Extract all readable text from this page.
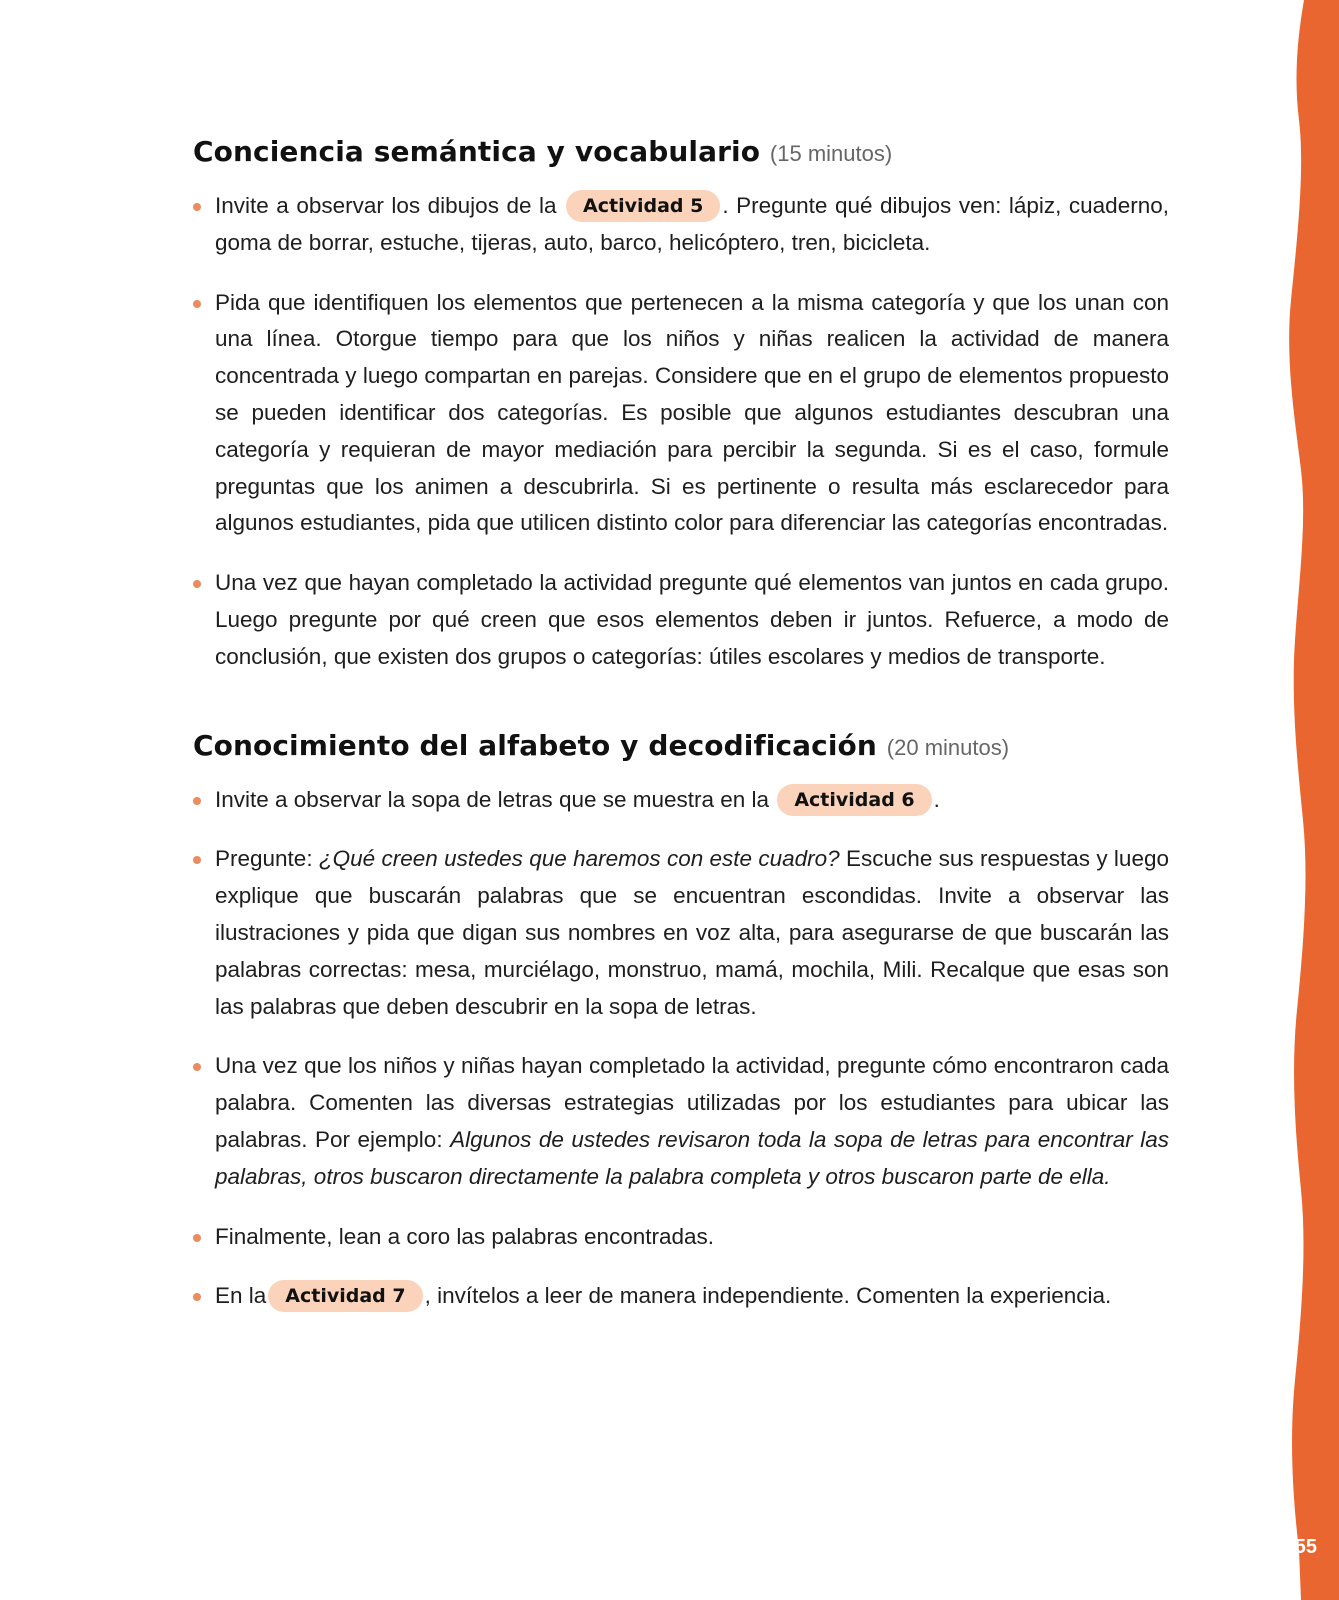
55
Conciencia semántica y vocabulario (15 minutos)
Invite a observar los dibujos de la Actividad 5 . Pregunte qué dibujos ven: lápiz, cuaderno, goma de borrar, estuche, tijeras, auto, barco, helicóptero, tren, bicicleta.
Pida que identifiquen los elementos que pertenecen a la misma categoría y que los unan con una línea. Otorgue tiempo para que los niños y niñas realicen la actividad de manera concentrada y luego compartan en parejas. Considere que en el grupo de elementos propuesto se pueden identificar dos categorías. Es posible que algunos estudiantes descubran una categoría y requieran de mayor mediación para percibir la segunda. Si es el caso, formule preguntas que los animen a descubrirla. Si es pertinente o resulta más esclarecedor para algunos estudiantes, pida que utilicen distinto color para diferenciar las categorías encontradas.
Una vez que hayan completado la actividad pregunte qué elementos van juntos en cada grupo. Luego pregunte por qué creen que esos elementos deben ir juntos. Refuerce, a modo de conclusión, que existen dos grupos o categorías: útiles escolares y medios de transporte.
Conocimiento del alfabeto y decodificación (20 minutos)
Invite a observar la sopa de letras que se muestra en la Actividad 6 .
Pregunte: ¿Qué creen ustedes que haremos con este cuadro? Escuche sus respuestas y luego explique que buscarán palabras que se encuentran escondidas. Invite a observar las ilustraciones y pida que digan sus nombres en voz alta, para asegurarse de que buscarán las palabras correctas: mesa, murciélago, monstruo, mamá, mochila, Mili. Recalque que esas son las palabras que deben descubrir en la sopa de letras.
Una vez que los niños y niñas hayan completado la actividad, pregunte cómo encontraron cada palabra. Comenten las diversas estrategias utilizadas por los estudiantes para ubicar las palabras. Por ejemplo: Algunos de ustedes revisaron toda la sopa de letras para encontrar las palabras, otros buscaron directamente la palabra completa y otros buscaron parte de ella.
Finalmente, lean a coro las palabras encontradas.
En la Actividad 7 , invítelos a leer de manera independiente. Comenten la experiencia.
